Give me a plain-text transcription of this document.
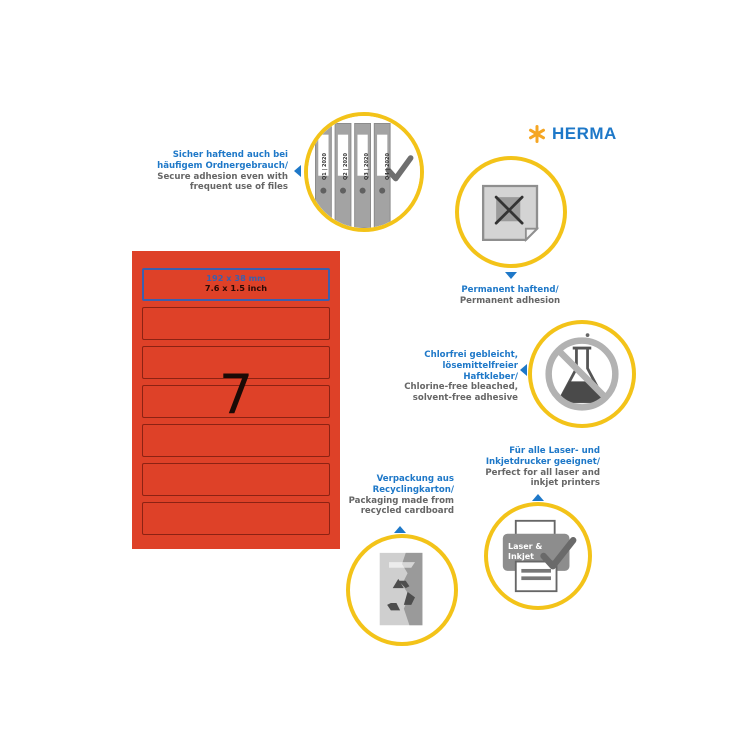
HERMA
Sicher haftend auch bei häufigem Ordnergebrauch/
Secure adhesion even with frequent use of files
Q1 | 2020	Q2 | 2020	Q3 | 2020	Q4 | 2020
Permanent haftend/
Permanent adhesion
Chlorfrei gebleicht, lösemittelfreier Haftkleber/
Chlorine-free bleached, solvent-free adhesive
Für alle Laser- und Inkjetdrucker geeignet/
Perfect for all laser and inkjet printers
Laser &
Inkjet
Verpackung aus Recyclingkarton/
Packaging made from recycled cardboard
192 x 38 mm
7.6 x 1.5 inch
7
